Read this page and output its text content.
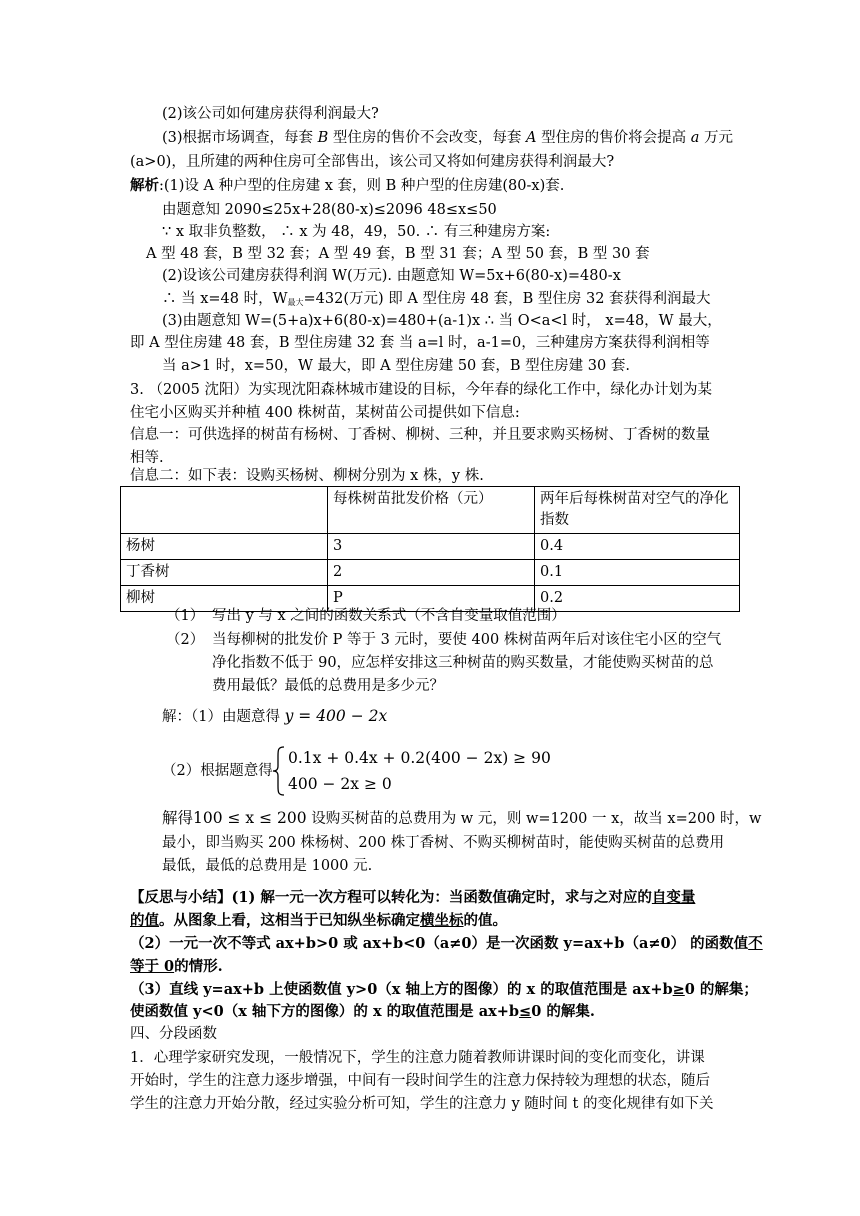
(2)该公司如何建房获得利润最大?
(3)根据市场调查，每套 B 型住房的售价不会改变，每套 A 型住房的售价将会提高 a 万元
(a>0)，且所建的两种住房可全部售出，该公司又将如何建房获得利润最大?
解析:(1)设 A 种户型的住房建 x 套，则 B 种户型的住房建(80-x)套.
由题意知 2090≤25x+28(80-x)≤2096 48≤x≤50
∵ x 取非负整数， ∴ x 为 48，49，50. ∴ 有三种建房方案:
A 型 48 套，B 型 32 套；A 型 49 套，B 型 31 套；A 型 50 套，B 型 30 套
(2)设该公司建房获得利润 W(万元). 由题意知 W=5x+6(80-x)=480-x
∴ 当 x=48 时，$W_{最大}=432$(万元) 即 A 型住房 48 套，B 型住房 32 套获得利润最大
(3)由题意知 W=(5+a)x+6(80-x)=480+(a-1)x ∴ 当 O<a<l 时， x=48，W 最大，
即 A 型住房建 48 套，B 型住房建 32 套 当 a=l 时，a-1=0，三种建房方案获得利润相等
当 a>1 时，x=50，W 最大，即 A 型住房建 50 套，B 型住房建 30 套.
3. （2005 沈阳）为实现沈阳森林城市建设的目标，今年春的绿化工作中，绿化办计划为某
住宅小区购买并种植 400 株树苗，某树苗公司提供如下信息:
信息一：可供选择的树苗有杨树、丁香树、柳树、三种，并且要求购买杨树、丁香树的数量
相等.
信息二：如下表：设购买杨树、柳树分别为 x 株，y 株.
	每株树苗批发价格（元）	两年后每株树苗对空气的净化指数
杨树	3	0.4
丁香树	2	0.1
柳树	P	0.2
（1） 写出 y 与 x 之间的函数关系式（不含自变量取值范围）
（2） 当每柳树的批发价 P 等于 3 元时，要使 400 株树苗两年后对该住宅小区的空气
净化指数不低于 90，应怎样安排这三种树苗的购买数量，才能使购买树苗的总
费用最低？最低的总费用是多少元？
解：（1）由题意得 y = 400 − 2x
（2）根据题意得
0.1x + 0.4x + 0.2(400 − 2x) ≥ 90
400 − 2x ≥ 0
解得100 ≤ x ≤ 200 设购买树苗的总费用为 w 元，则 w=1200 一 x，故当 x=200 时，w
最小，即当购买 200 株杨树、200 株丁香树、不购买柳树苗时，能使购买树苗的总费用
最低，最低的总费用是 1000 元.
【反思与小结】(1) 解一元一次方程可以转化为：当函数值确定时，求与之对应的自变量
的值。从图象上看，这相当于已知纵坐标确定横坐标的值。
（2）一元一次不等式 ax+b>0 或 ax+b<0（a≠0）是一次函数 y=ax+b（a≠0） 的函数值不
等于 0的情形.
（3）直线 y=ax+b 上使函数值 y>0（x 轴上方的图像）的 x 的取值范围是 ax+b≥0 的解集；
使函数值 y<0（x 轴下方的图像）的 x 的取值范围是 ax+b≤0 的解集.
四、分段函数
1．心理学家研究发现，一般情况下，学生的注意力随着教师讲课时间的变化而变化，讲课
开始时，学生的注意力逐步增强，中间有一段时间学生的注意力保持较为理想的状态，随后
学生的注意力开始分散，经过实验分析可知，学生的注意力 y 随时间 t 的变化规律有如下关
